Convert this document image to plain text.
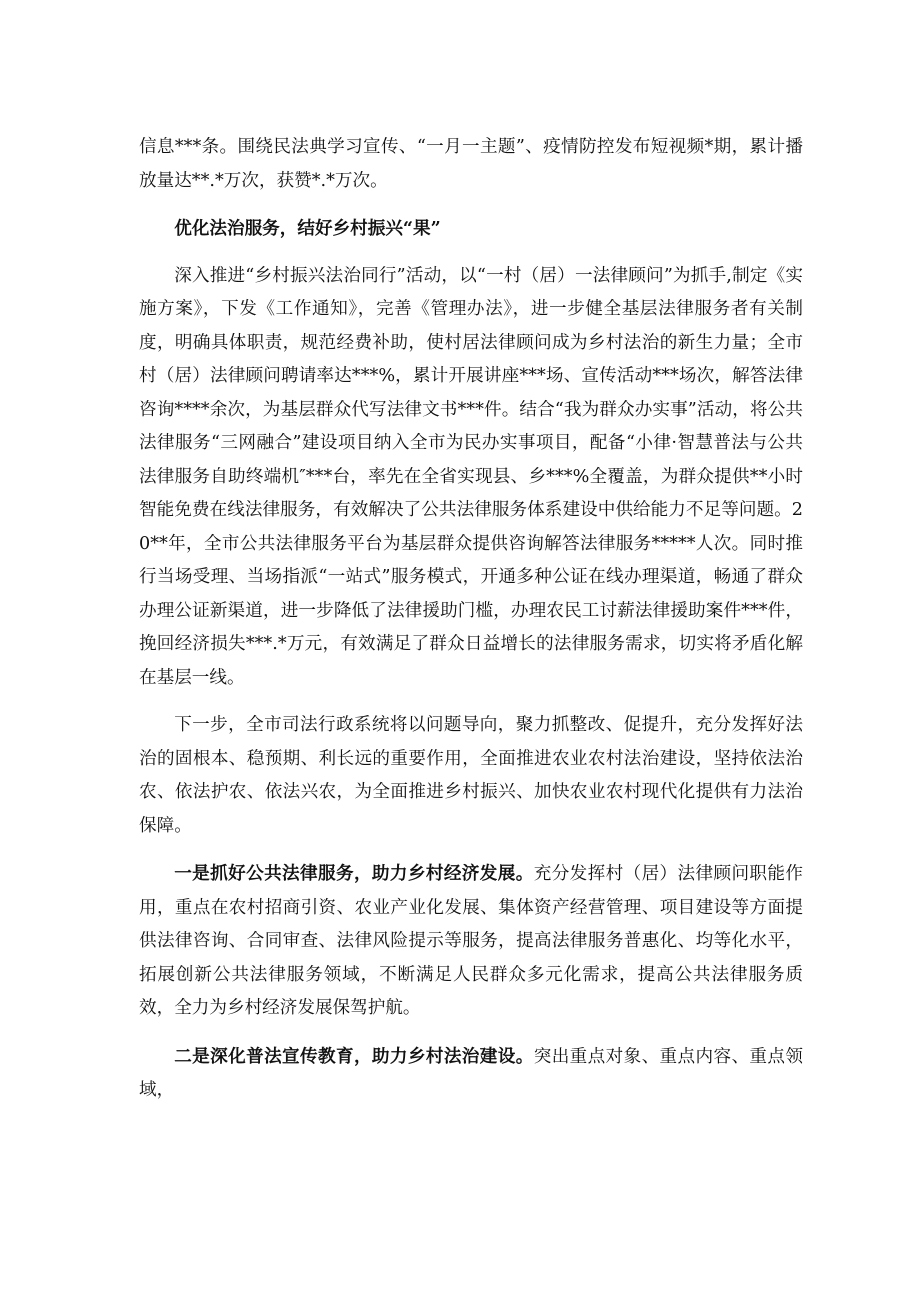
信息***条。围绕民法典学习宣传、“一月一主题”、疫情防控发布短视频*期，累计播放量达**.*万次，获赞*.*万次。

优化法治服务，结好乡村振兴“果”

深入推进“乡村振兴法治同行”活动，以“一村（居）一法律顾问”为抓手,制定《实施方案》，下发《工作通知》，完善《管理办法》，进一步健全基层法律服务者有关制度，明确具体职责，规范经费补助，使村居法律顾问成为乡村法治的新生力量；全市村（居）法律顾问聘请率达***%，累计开展讲座***场、宣传活动***场次，解答法律咨询****余次，为基层群众代写法律文书***件。结合“我为群众办实事”活动，将公共法律服务“三网融合”建设项目纳入全市为民办实事项目，配备“小律·智慧普法与公共法律服务自助终端机″***台，率先在全省实现县、乡***%全覆盖，为群众提供**小时智能免费在线法律服务，有效解决了公共法律服务体系建设中供给能力不足等问题。20**年，全市公共法律服务平台为基层群众提供咨询解答法律服务*****人次。同时推行当场受理、当场指派“一站式”服务模式，开通多种公证在线办理渠道，畅通了群众办理公证新渠道，进一步降低了法律援助门槛，办理农民工讨薪法律援助案件***件，挽回经济损失***.*万元，有效满足了群众日益增长的法律服务需求，切实将矛盾化解在基层一线。

下一步，全市司法行政系统将以问题导向，聚力抓整改、促提升，充分发挥好法治的固根本、稳预期、利长远的重要作用，全面推进农业农村法治建设，坚持依法治农、依法护农、依法兴农，为全面推进乡村振兴、加快农业农村现代化提供有力法治保障。

一是抓好公共法律服务，助力乡村经济发展。充分发挥村（居）法律顾问职能作用，重点在农村招商引资、农业产业化发展、集体资产经营管理、项目建设等方面提供法律咨询、合同审查、法律风险提示等服务，提高法律服务普惠化、均等化水平，拓展创新公共法律服务领域，不断满足人民群众多元化需求，提高公共法律服务质效，全力为乡村经济发展保驾护航。

二是深化普法宣传教育，助力乡村法治建设。突出重点对象、重点内容、重点领域，
